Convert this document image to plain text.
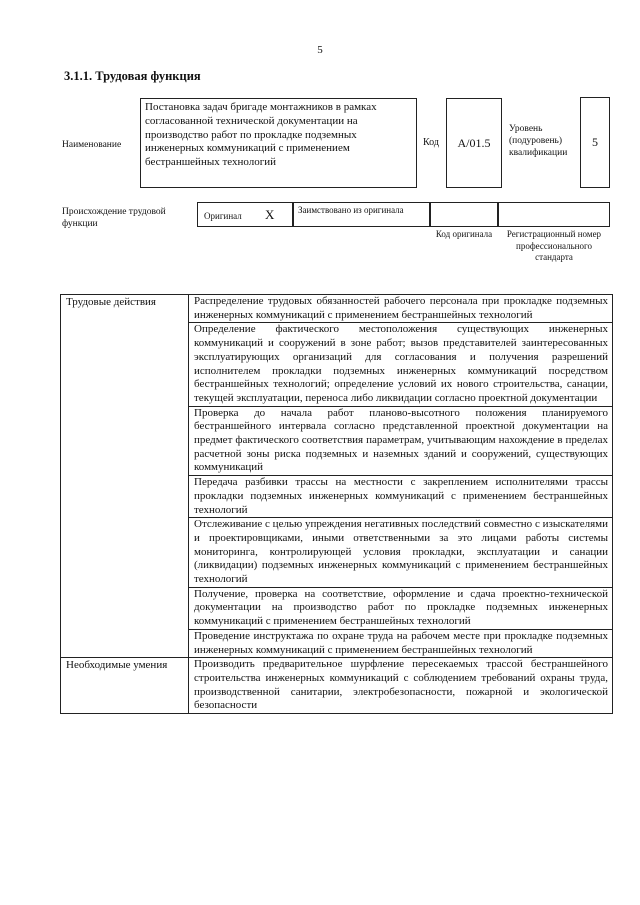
5
3.1.1. Трудовая функция
Наименование
Постановка задач бригаде монтажников в рамках согласованной технической документации на производство работ по прокладке подземных инженерных коммуникаций с применением бестраншейных технологий
Код А/01.5
Уровень (подуровень) квалификации
5
Происхождение трудовой функции
Оригинал X	Заимствовано из оригинала
Код оригинала	Регистрационный номер профессионального стандарта
Трудовые действия	Распределение трудовых обязанностей рабочего персонала при прокладке подземных инженерных коммуникаций с применением бестраншейных технологий
	Определение фактического местоположения существующих инженерных коммуникаций и сооружений в зоне работ; вызов представителей заинтересованных эксплуатирующих организаций для согласования и получения разрешений исполнителем прокладки подземных инженерных коммуникаций посредством бестраншейных технологий; определение условий их нового строительства, санации, текущей эксплуатации, переноса либо ликвидации согласно проектной документации
	Проверка до начала работ планово-высотного положения планируемого бестраншейного интервала согласно представленной проектной документации на предмет фактического соответствия параметрам, учитывающим нахождение в пределах расчетной зоны риска подземных и наземных зданий и сооружений, существующих коммуникаций
	Передача разбивки трассы на местности с закреплением исполнителями трассы прокладки подземных инженерных коммуникаций с применением бестраншейных технологий
	Отслеживание с целью упреждения негативных последствий совместно с изыскателями и проектировщиками, иными ответственными за это лицами работы системы мониторинга, контролирующей условия прокладки, эксплуатации и санации (ликвидации) подземных инженерных коммуникаций с применением бестраншейных технологий
	Получение, проверка на соответствие, оформление и сдача проектно-технической документации на производство работ по прокладке подземных инженерных коммуникаций с применением бестраншейных технологий
	Проведение инструктажа по охране труда на рабочем месте при прокладке подземных инженерных коммуникаций с применением бестраншейных технологий
Необходимые умения	Производить предварительное шурфление пересекаемых трассой бестраншейного строительства инженерных коммуникаций с соблюдением требований охраны труда, производственной санитарии, электробезопасности, пожарной и экологической безопасности
